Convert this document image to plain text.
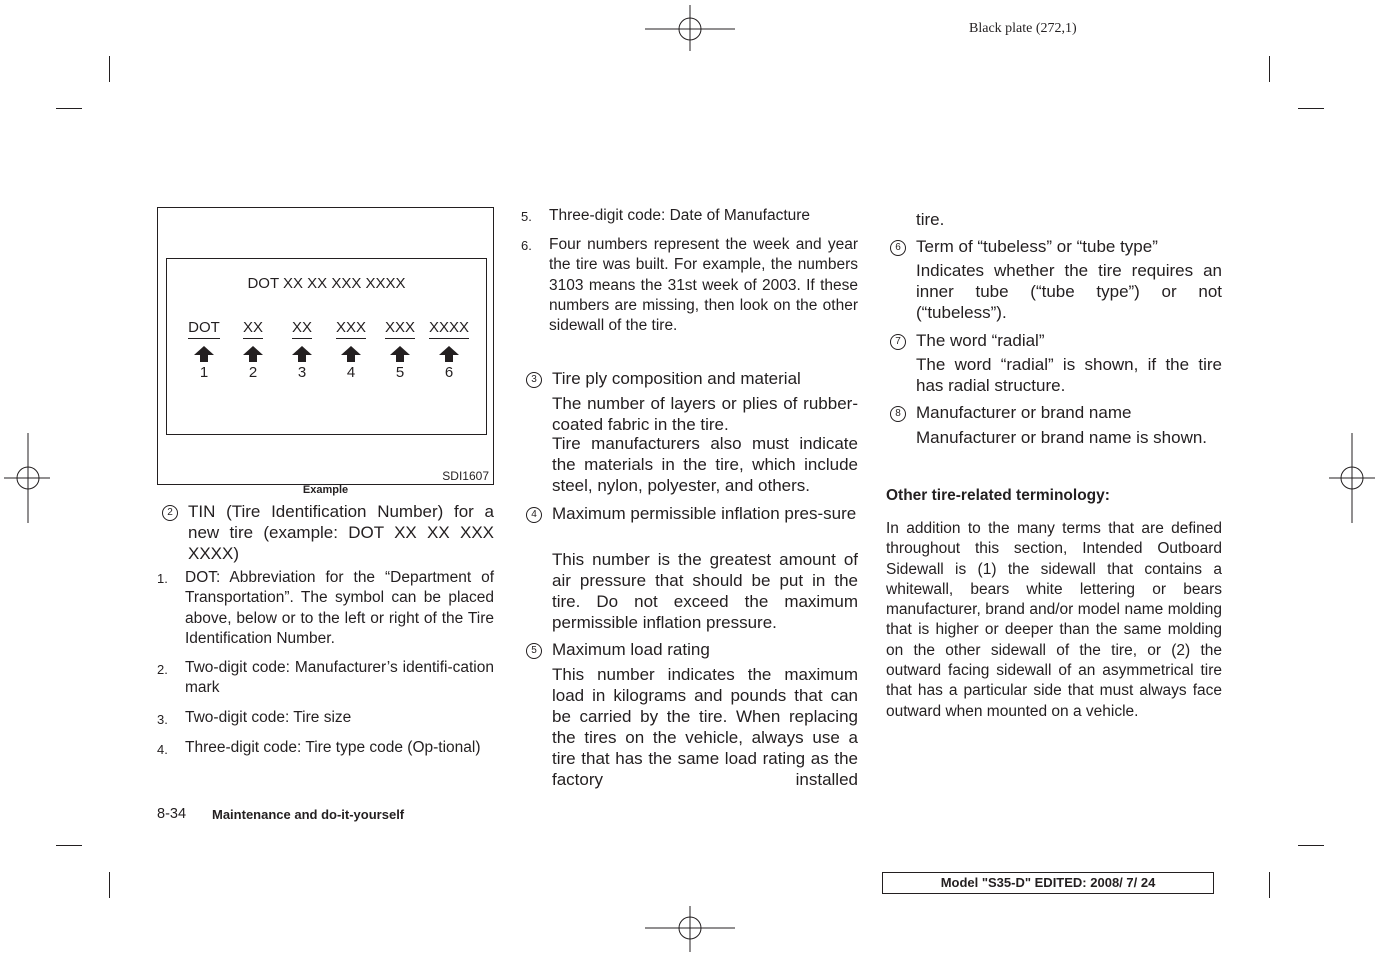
Black plate (272,1)
DOT XX XX XXX XXXX
DOT
1
XX
2
XX
3
XXX
4
XXX
5
XXXX
6
SDI1607
Example
2 TIN (Tire Identification Number) for a new tire (example: DOT XX XX XXX XXXX)
1. DOT: Abbreviation for the “Department of Transportation”. The symbol can be placed above, below or to the left or right of the Tire Identification Number.
2. Two-digit code: Manufacturer’s identifi-cation mark
3. Two-digit code: Tire size
4. Three-digit code: Tire type code (Op-tional)
5. Three-digit code: Date of Manufacture
6. Four numbers represent the week and year the tire was built. For example, the numbers 3103 means the 31st week of 2003. If these numbers are missing, then look on the other sidewall of the tire.
3 Tire ply composition and material
The number of layers or plies of rubber-coated fabric in the tire.
Tire manufacturers also must indicate the materials in the tire, which include steel, nylon, polyester, and others.
4 Maximum permissible inflation pres-sure
This number is the greatest amount of air pressure that should be put in the tire. Do not exceed the maximum permissible inflation pressure.
5 Maximum load rating
This number indicates the maximum load in kilograms and pounds that can be carried by the tire. When replacing the tires on the vehicle, always use a tire that has the same load rating as the factory installed
tire.
6 Term of “tubeless” or “tube type”
Indicates whether the tire requires an inner tube (“tube type”) or not (“tubeless”).
7 The word “radial”
The word “radial” is shown, if the tire has radial structure.
8 Manufacturer or brand name
Manufacturer or brand name is shown.
Other tire-related terminology:
In addition to the many terms that are defined throughout this section, Intended Outboard Sidewall is (1) the sidewall that contains a whitewall, bears white lettering or bears manufacturer, brand and/or model name molding that is higher or deeper than the same molding on the other sidewall of the tire, or (2) the outward facing sidewall of an asymmetrical tire that has a particular side that must always face outward when mounted on a vehicle.
8-34 Maintenance and do-it-yourself
Model "S35-D" EDITED: 2008/ 7/ 24
